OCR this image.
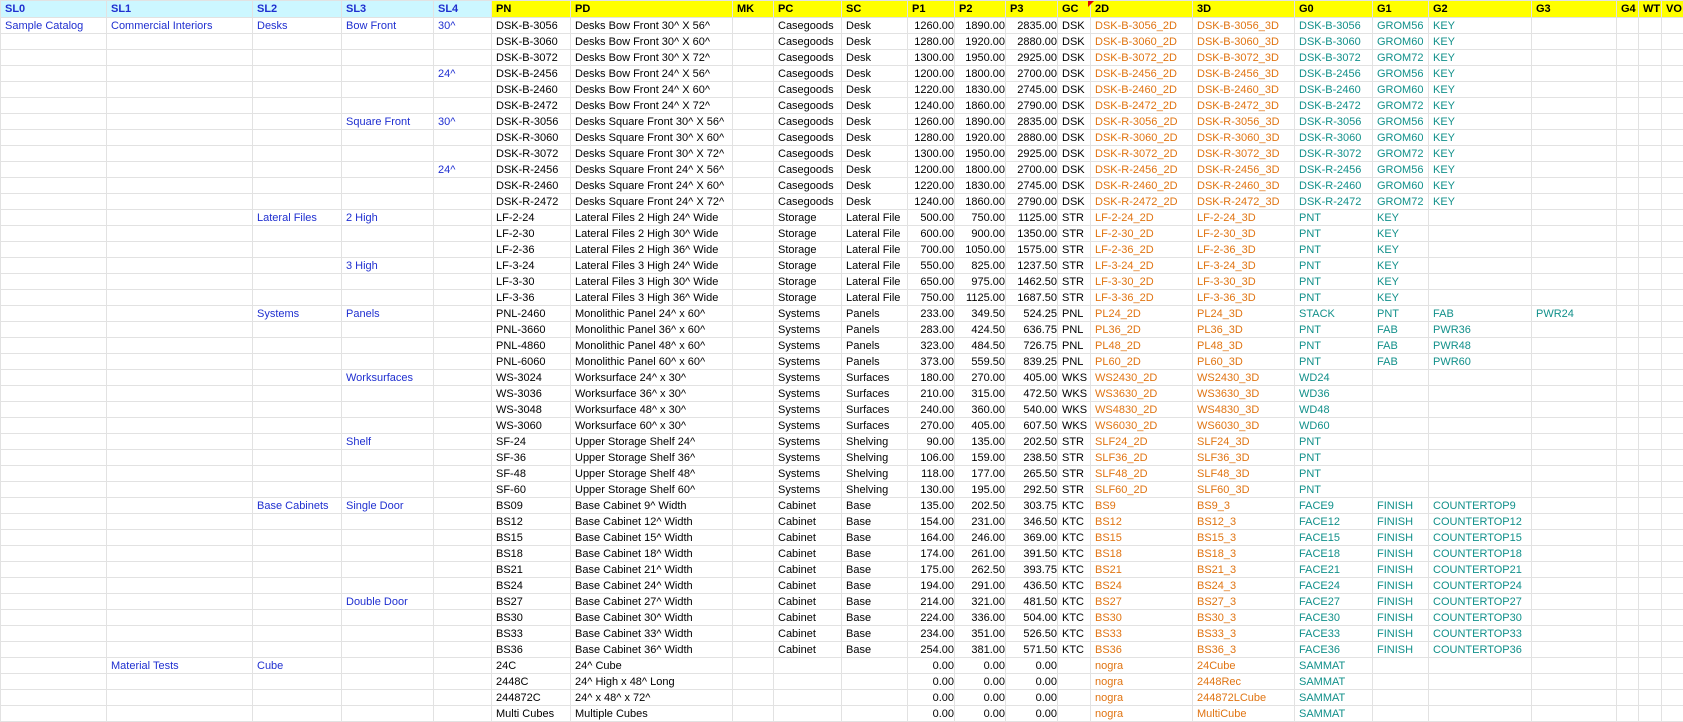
SL0	SL1	SL2	SL3	SL4	PN	PD	MK	PC	SC	P1	P2	P3	GC	2D	3D	G0	G1	G2	G3	G4	WT	VO
Sample Catalog	Commercial Interiors	Desks	Bow Front	30^	DSK-B-3056	Desks Bow Front 30^ X 56^		Casegoods	Desk	1260.00	1890.00	2835.00	DSK	DSK-B-3056_2D	DSK-B-3056_3D	DSK-B-3056	GROM56	KEY				
					DSK-B-3060	Desks Bow Front 30^ X 60^		Casegoods	Desk	1280.00	1920.00	2880.00	DSK	DSK-B-3060_2D	DSK-B-3060_3D	DSK-B-3060	GROM60	KEY				
					DSK-B-3072	Desks Bow Front 30^ X 72^		Casegoods	Desk	1300.00	1950.00	2925.00	DSK	DSK-B-3072_2D	DSK-B-3072_3D	DSK-B-3072	GROM72	KEY				
				24^	DSK-B-2456	Desks Bow Front 24^ X 56^		Casegoods	Desk	1200.00	1800.00	2700.00	DSK	DSK-B-2456_2D	DSK-B-2456_3D	DSK-B-2456	GROM56	KEY				
					DSK-B-2460	Desks Bow Front 24^ X 60^		Casegoods	Desk	1220.00	1830.00	2745.00	DSK	DSK-B-2460_2D	DSK-B-2460_3D	DSK-B-2460	GROM60	KEY				
					DSK-B-2472	Desks Bow Front 24^ X 72^		Casegoods	Desk	1240.00	1860.00	2790.00	DSK	DSK-B-2472_2D	DSK-B-2472_3D	DSK-B-2472	GROM72	KEY				
			Square Front	30^	DSK-R-3056	Desks Square Front 30^ X 56^		Casegoods	Desk	1260.00	1890.00	2835.00	DSK	DSK-R-3056_2D	DSK-R-3056_3D	DSK-R-3056	GROM56	KEY				
					DSK-R-3060	Desks Square Front 30^ X 60^		Casegoods	Desk	1280.00	1920.00	2880.00	DSK	DSK-R-3060_2D	DSK-R-3060_3D	DSK-R-3060	GROM60	KEY				
					DSK-R-3072	Desks Square Front 30^ X 72^		Casegoods	Desk	1300.00	1950.00	2925.00	DSK	DSK-R-3072_2D	DSK-R-3072_3D	DSK-R-3072	GROM72	KEY				
				24^	DSK-R-2456	Desks Square Front 24^ X 56^		Casegoods	Desk	1200.00	1800.00	2700.00	DSK	DSK-R-2456_2D	DSK-R-2456_3D	DSK-R-2456	GROM56	KEY				
					DSK-R-2460	Desks Square Front 24^ X 60^		Casegoods	Desk	1220.00	1830.00	2745.00	DSK	DSK-R-2460_2D	DSK-R-2460_3D	DSK-R-2460	GROM60	KEY				
					DSK-R-2472	Desks Square Front 24^ X 72^		Casegoods	Desk	1240.00	1860.00	2790.00	DSK	DSK-R-2472_2D	DSK-R-2472_3D	DSK-R-2472	GROM72	KEY				
		Lateral Files	2 High		LF-2-24	Lateral Files 2 High 24^ Wide		Storage	Lateral File	500.00	750.00	1125.00	STR	LF-2-24_2D	LF-2-24_3D	PNT	KEY					
					LF-2-30	Lateral Files 2 High 30^ Wide		Storage	Lateral File	600.00	900.00	1350.00	STR	LF-2-30_2D	LF-2-30_3D	PNT	KEY					
					LF-2-36	Lateral Files 2 High 36^ Wide		Storage	Lateral File	700.00	1050.00	1575.00	STR	LF-2-36_2D	LF-2-36_3D	PNT	KEY					
			3 High		LF-3-24	Lateral Files 3 High 24^ Wide		Storage	Lateral File	550.00	825.00	1237.50	STR	LF-3-24_2D	LF-3-24_3D	PNT	KEY					
					LF-3-30	Lateral Files 3 High 30^ Wide		Storage	Lateral File	650.00	975.00	1462.50	STR	LF-3-30_2D	LF-3-30_3D	PNT	KEY					
					LF-3-36	Lateral Files 3 High 36^ Wide		Storage	Lateral File	750.00	1125.00	1687.50	STR	LF-3-36_2D	LF-3-36_3D	PNT	KEY					
		Systems	Panels		PNL-2460	Monolithic Panel 24^ x 60^		Systems	Panels	233.00	349.50	524.25	PNL	PL24_2D	PL24_3D	STACK	PNT	FAB	PWR24			
					PNL-3660	Monolithic Panel 36^ x 60^		Systems	Panels	283.00	424.50	636.75	PNL	PL36_2D	PL36_3D	PNT	FAB	PWR36				
					PNL-4860	Monolithic Panel 48^ x 60^		Systems	Panels	323.00	484.50	726.75	PNL	PL48_2D	PL48_3D	PNT	FAB	PWR48				
					PNL-6060	Monolithic Panel 60^ x 60^		Systems	Panels	373.00	559.50	839.25	PNL	PL60_2D	PL60_3D	PNT	FAB	PWR60				
			Worksurfaces		WS-3024	Worksurface 24^ x 30^		Systems	Surfaces	180.00	270.00	405.00	WKS	WS2430_2D	WS2430_3D	WD24						
					WS-3036	Worksurface 36^ x 30^		Systems	Surfaces	210.00	315.00	472.50	WKS	WS3630_2D	WS3630_3D	WD36						
					WS-3048	Worksurface 48^ x 30^		Systems	Surfaces	240.00	360.00	540.00	WKS	WS4830_2D	WS4830_3D	WD48						
					WS-3060	Worksurface 60^ x 30^		Systems	Surfaces	270.00	405.00	607.50	WKS	WS6030_2D	WS6030_3D	WD60						
			Shelf		SF-24	Upper Storage Shelf 24^		Systems	Shelving	90.00	135.00	202.50	STR	SLF24_2D	SLF24_3D	PNT						
					SF-36	Upper Storage Shelf 36^		Systems	Shelving	106.00	159.00	238.50	STR	SLF36_2D	SLF36_3D	PNT						
					SF-48	Upper Storage Shelf 48^		Systems	Shelving	118.00	177.00	265.50	STR	SLF48_2D	SLF48_3D	PNT						
					SF-60	Upper Storage Shelf 60^		Systems	Shelving	130.00	195.00	292.50	STR	SLF60_2D	SLF60_3D	PNT						
		Base Cabinets	Single Door		BS09	Base Cabinet 9^ Width		Cabinet	Base	135.00	202.50	303.75	KTC	BS9	BS9_3	FACE9	FINISH	COUNTERTOP9				
					BS12	Base Cabinet 12^ Width		Cabinet	Base	154.00	231.00	346.50	KTC	BS12	BS12_3	FACE12	FINISH	COUNTERTOP12				
					BS15	Base Cabinet 15^ Width		Cabinet	Base	164.00	246.00	369.00	KTC	BS15	BS15_3	FACE15	FINISH	COUNTERTOP15				
					BS18	Base Cabinet 18^ Width		Cabinet	Base	174.00	261.00	391.50	KTC	BS18	BS18_3	FACE18	FINISH	COUNTERTOP18				
					BS21	Base Cabinet 21^ Width		Cabinet	Base	175.00	262.50	393.75	KTC	BS21	BS21_3	FACE21	FINISH	COUNTERTOP21				
					BS24	Base Cabinet 24^ Width		Cabinet	Base	194.00	291.00	436.50	KTC	BS24	BS24_3	FACE24	FINISH	COUNTERTOP24				
			Double Door		BS27	Base Cabinet 27^ Width		Cabinet	Base	214.00	321.00	481.50	KTC	BS27	BS27_3	FACE27	FINISH	COUNTERTOP27				
					BS30	Base Cabinet 30^ Width		Cabinet	Base	224.00	336.00	504.00	KTC	BS30	BS30_3	FACE30	FINISH	COUNTERTOP30				
					BS33	Base Cabinet 33^ Width		Cabinet	Base	234.00	351.00	526.50	KTC	BS33	BS33_3	FACE33	FINISH	COUNTERTOP33				
					BS36	Base Cabinet 36^ Width		Cabinet	Base	254.00	381.00	571.50	KTC	BS36	BS36_3	FACE36	FINISH	COUNTERTOP36				
	Material Tests	Cube			24C	24^ Cube				0.00	0.00	0.00		nogra	24Cube	SAMMAT						
					2448C	24^ High x 48^ Long				0.00	0.00	0.00		nogra	2448Rec	SAMMAT						
					244872C	24^ x 48^ x 72^				0.00	0.00	0.00		nogra	244872LCube	SAMMAT						
					Multi Cubes	Multiple Cubes				0.00	0.00	0.00		nogra	MultiCube	SAMMAT						
